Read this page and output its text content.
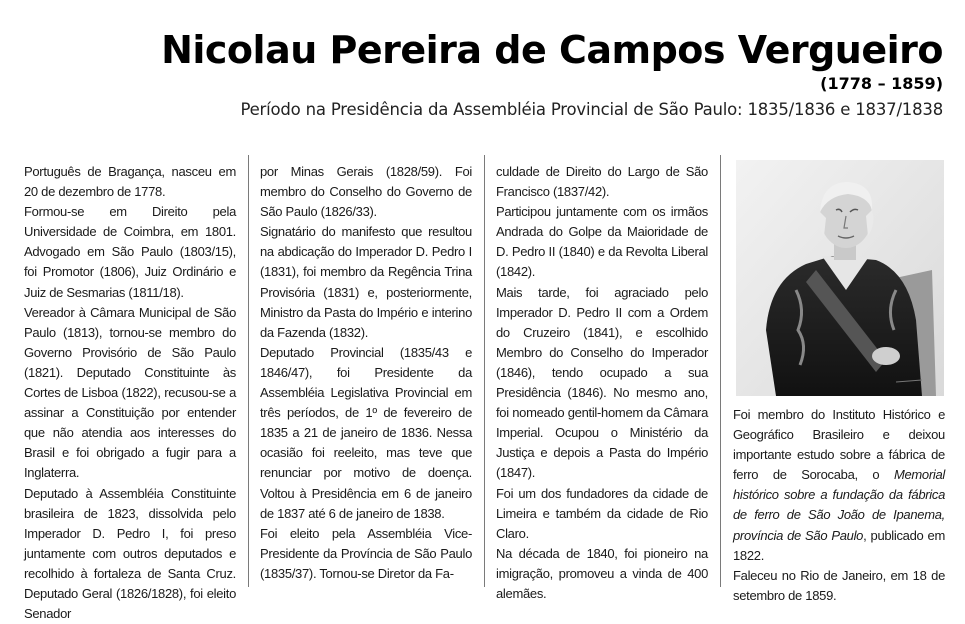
Nicolau Pereira de Campos Vergueiro
(1778 – 1859)
Período na Presidência da Assembléia Provincial de São Paulo: 1835/1836 e 1837/1838

Português de Bragança, nasceu em 20 de dezembro de 1778.

Formou-se em Direito pela Universidade de Coimbra, em 1801. Advogado em São Paulo (1803/15), foi Promotor (1806), Juiz Ordinário e Juiz de Sesmarias (1811/18).

Vereador à Câmara Municipal de São Paulo (1813), tornou-se membro do Governo Provisório de São Paulo (1821). Deputado Constituinte às Cortes de Lisboa (1822), recusou-se a assinar a Constituição por entender que não atendia aos interesses do Brasil e foi obrigado a fugir para a Inglaterra.

Deputado à Assembléia Constituinte brasileira de 1823, dissolvida pelo Imperador D. Pedro I, foi preso juntamente com outros deputados e recolhido à fortaleza de Santa Cruz. Deputado Geral (1826/1828), foi eleito Senador

por Minas Gerais (1828/59). Foi membro do Conselho do Governo de São Paulo (1826/33).

Signatário do manifesto que resultou na abdicação do Imperador D. Pedro I (1831), foi membro da Regência Trina Provisória (1831) e, posteriormente, Ministro da Pasta do Império e interino da Fazenda (1832).

Deputado Provincial (1835/43 e 1846/47), foi Presidente da Assembléia Legislativa Provincial em três períodos, de 1º de fevereiro de 1835 a 21 de janeiro de 1836. Nessa ocasião foi reeleito, mas teve que renunciar por motivo de doença. Voltou à Presidência em 6 de janeiro de 1837 até 6 de janeiro de 1838.

Foi eleito pela Assembléia Vice-Presidente da Província de São Paulo (1835/37). Tornou-se Diretor da Fa-

culdade de Direito do Largo de São Francisco (1837/42).

Participou juntamente com os irmãos Andrada do Golpe da Maioridade de D. Pedro II (1840) e da Revolta Liberal (1842).

Mais tarde, foi agraciado pelo Imperador D. Pedro II com a Ordem do Cruzeiro (1841), e escolhido Membro do Conselho do Imperador (1846), tendo ocupado a sua Presidência (1846). No mesmo ano, foi nomeado gentil-homem da Câmara Imperial. Ocupou o Ministério da Justiça e depois a Pasta do Império (1847).

Foi um dos fundadores da cidade de Limeira e também da cidade de Rio Claro.

Na década de 1840, foi pioneiro na imigração, promoveu a vinda de 400 alemães.

Foi membro do Instituto Histórico e Geográfico Brasileiro e deixou importante estudo sobre a fábrica de ferro de Sorocaba, o Memorial histórico sobre a fundação da fábrica de ferro de São João de Ipanema, província de São Paulo, publicado em 1822.

Faleceu no Rio de Janeiro, em 18 de setembro de 1859.
